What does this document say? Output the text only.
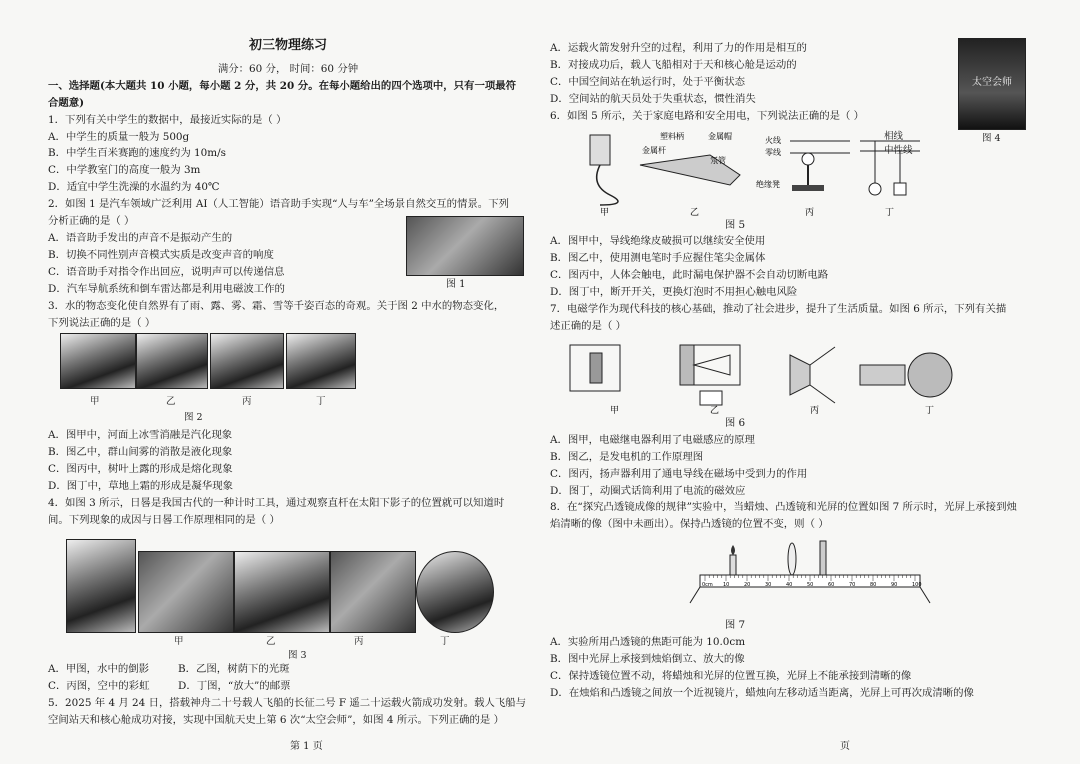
初三物理练习

满分：60 分， 时间：60 分钟

一、选择题(本大题共 10 小题，每小题 2 分，共 20 分。在每小题给出的四个选项中，只有一项最符

合题意)

1．下列有关中学生的数据中，最接近实际的是（ ）

A．中学生的质量一般为 500g

B．中学生百米赛跑的速度约为 10m/s

C．中学教室门的高度一般为 3m

D．适宜中学生洗澡的水温约为 40℃

2．如图 1 是汽车领域广泛利用 AI（人工智能）语音助手实现“人与车”全场景自然交互的情景。下列

分析正确的是（ ）

A．语音助手发出的声音不是振动产生的

B．切换不同性别声音模式实质是改变声音的响度

C．语音助手对指令作出回应，说明声可以传递信息

D．汽车导航系统和倒车雷达都是利用电磁波工作的	图 1

3．水的物态变化使自然界有了雨、露、雾、霜、雪等千姿百态的奇观。关于图 2 中水的物态变化，

下列说法正确的是（ ）

甲	乙	丙	丁
图 2

A．图甲中，河面上冰雪消融是汽化现象

B．图乙中，群山间雾的消散是液化现象

C．图丙中，树叶上露的形成是熔化现象

D．图丁中，草地上霜的形成是凝华现象

4．如图 3 所示，日晷是我国古代的一种计时工具，通过观察直杆在太阳下影子的位置就可以知道时

间。下列现象的成因与日晷工作原理相同的是（ ）

甲	乙	丙	丁
图 3

A．甲图，水中的倒影	B．乙图，树荫下的光斑

C．丙图，空中的彩虹	D．丁图，“放大”的邮票

5．2025 年 4 月 24 日，搭载神舟二十号载人飞船的长征二号 F 遥二十运载火箭成功发射。载人飞船与

空间站天和核心舱成功对接，实现中国航天史上第 6 次“太空会师”，如图 4 所示。下列正确的是 ）

第 1 页

A．运载火箭发射升空的过程，利用了力的作用是相互的

B．对接成功后，载人飞船相对于天和核心舱是运动的

C．中国空间站在轨运行时，处于平衡状态

D．空间站的航天员处于失重状态，惯性消失

6．如图 5 所示，关于家庭电路和安全用电，下列说法正确的是（ ）

太空会师
图 4
塑料柄	金属帽
金属杆
氖管
火线
零线
绝缘凳
甲	乙	丙	丁
相线
中性线

图 5

A．图甲中，导线绝缘皮破损可以继续安全使用

B．图乙中，使用测电笔时手应握住笔尖金属体

C．图丙中，人体会触电，此时漏电保护器不会自动切断电路

D．图丁中，断开开关，更换灯泡时不用担心触电风险

7．电磁学作为现代科技的核心基础，推动了社会进步，提升了生活质量。如图 6 所示，下列有关描

述正确的是（ ）

甲	乙	丙	丁

图 6

A．图甲，电磁继电器利用了电磁感应的原理

B．图乙，是发电机的工作原理图

C．图丙，扬声器利用了通电导线在磁场中受到力的作用

D．图丁，动圈式话筒利用了电流的磁效应

8．在“探究凸透镜成像的规律”实验中，当蜡烛、凸透镜和光屏的位置如图 7 所示时，光屏上承接到烛

焰清晰的像（图中未画出）。保持凸透镜的位置不变，则（ ）

0cm 10	20	30	40	50	60	70	80	90	100

图 7

A．实验所用凸透镜的焦距可能为 10.0cm

B．图中光屏上承接到烛焰倒立、放大的像

C．保持透镜位置不动，将蜡烛和光屏的位置互换，光屏上不能承接到清晰的像

D．在烛焰和凸透镜之间放一个近视镜片，蜡烛向左移动适当距离，光屏上可再次成清晰的像

页
